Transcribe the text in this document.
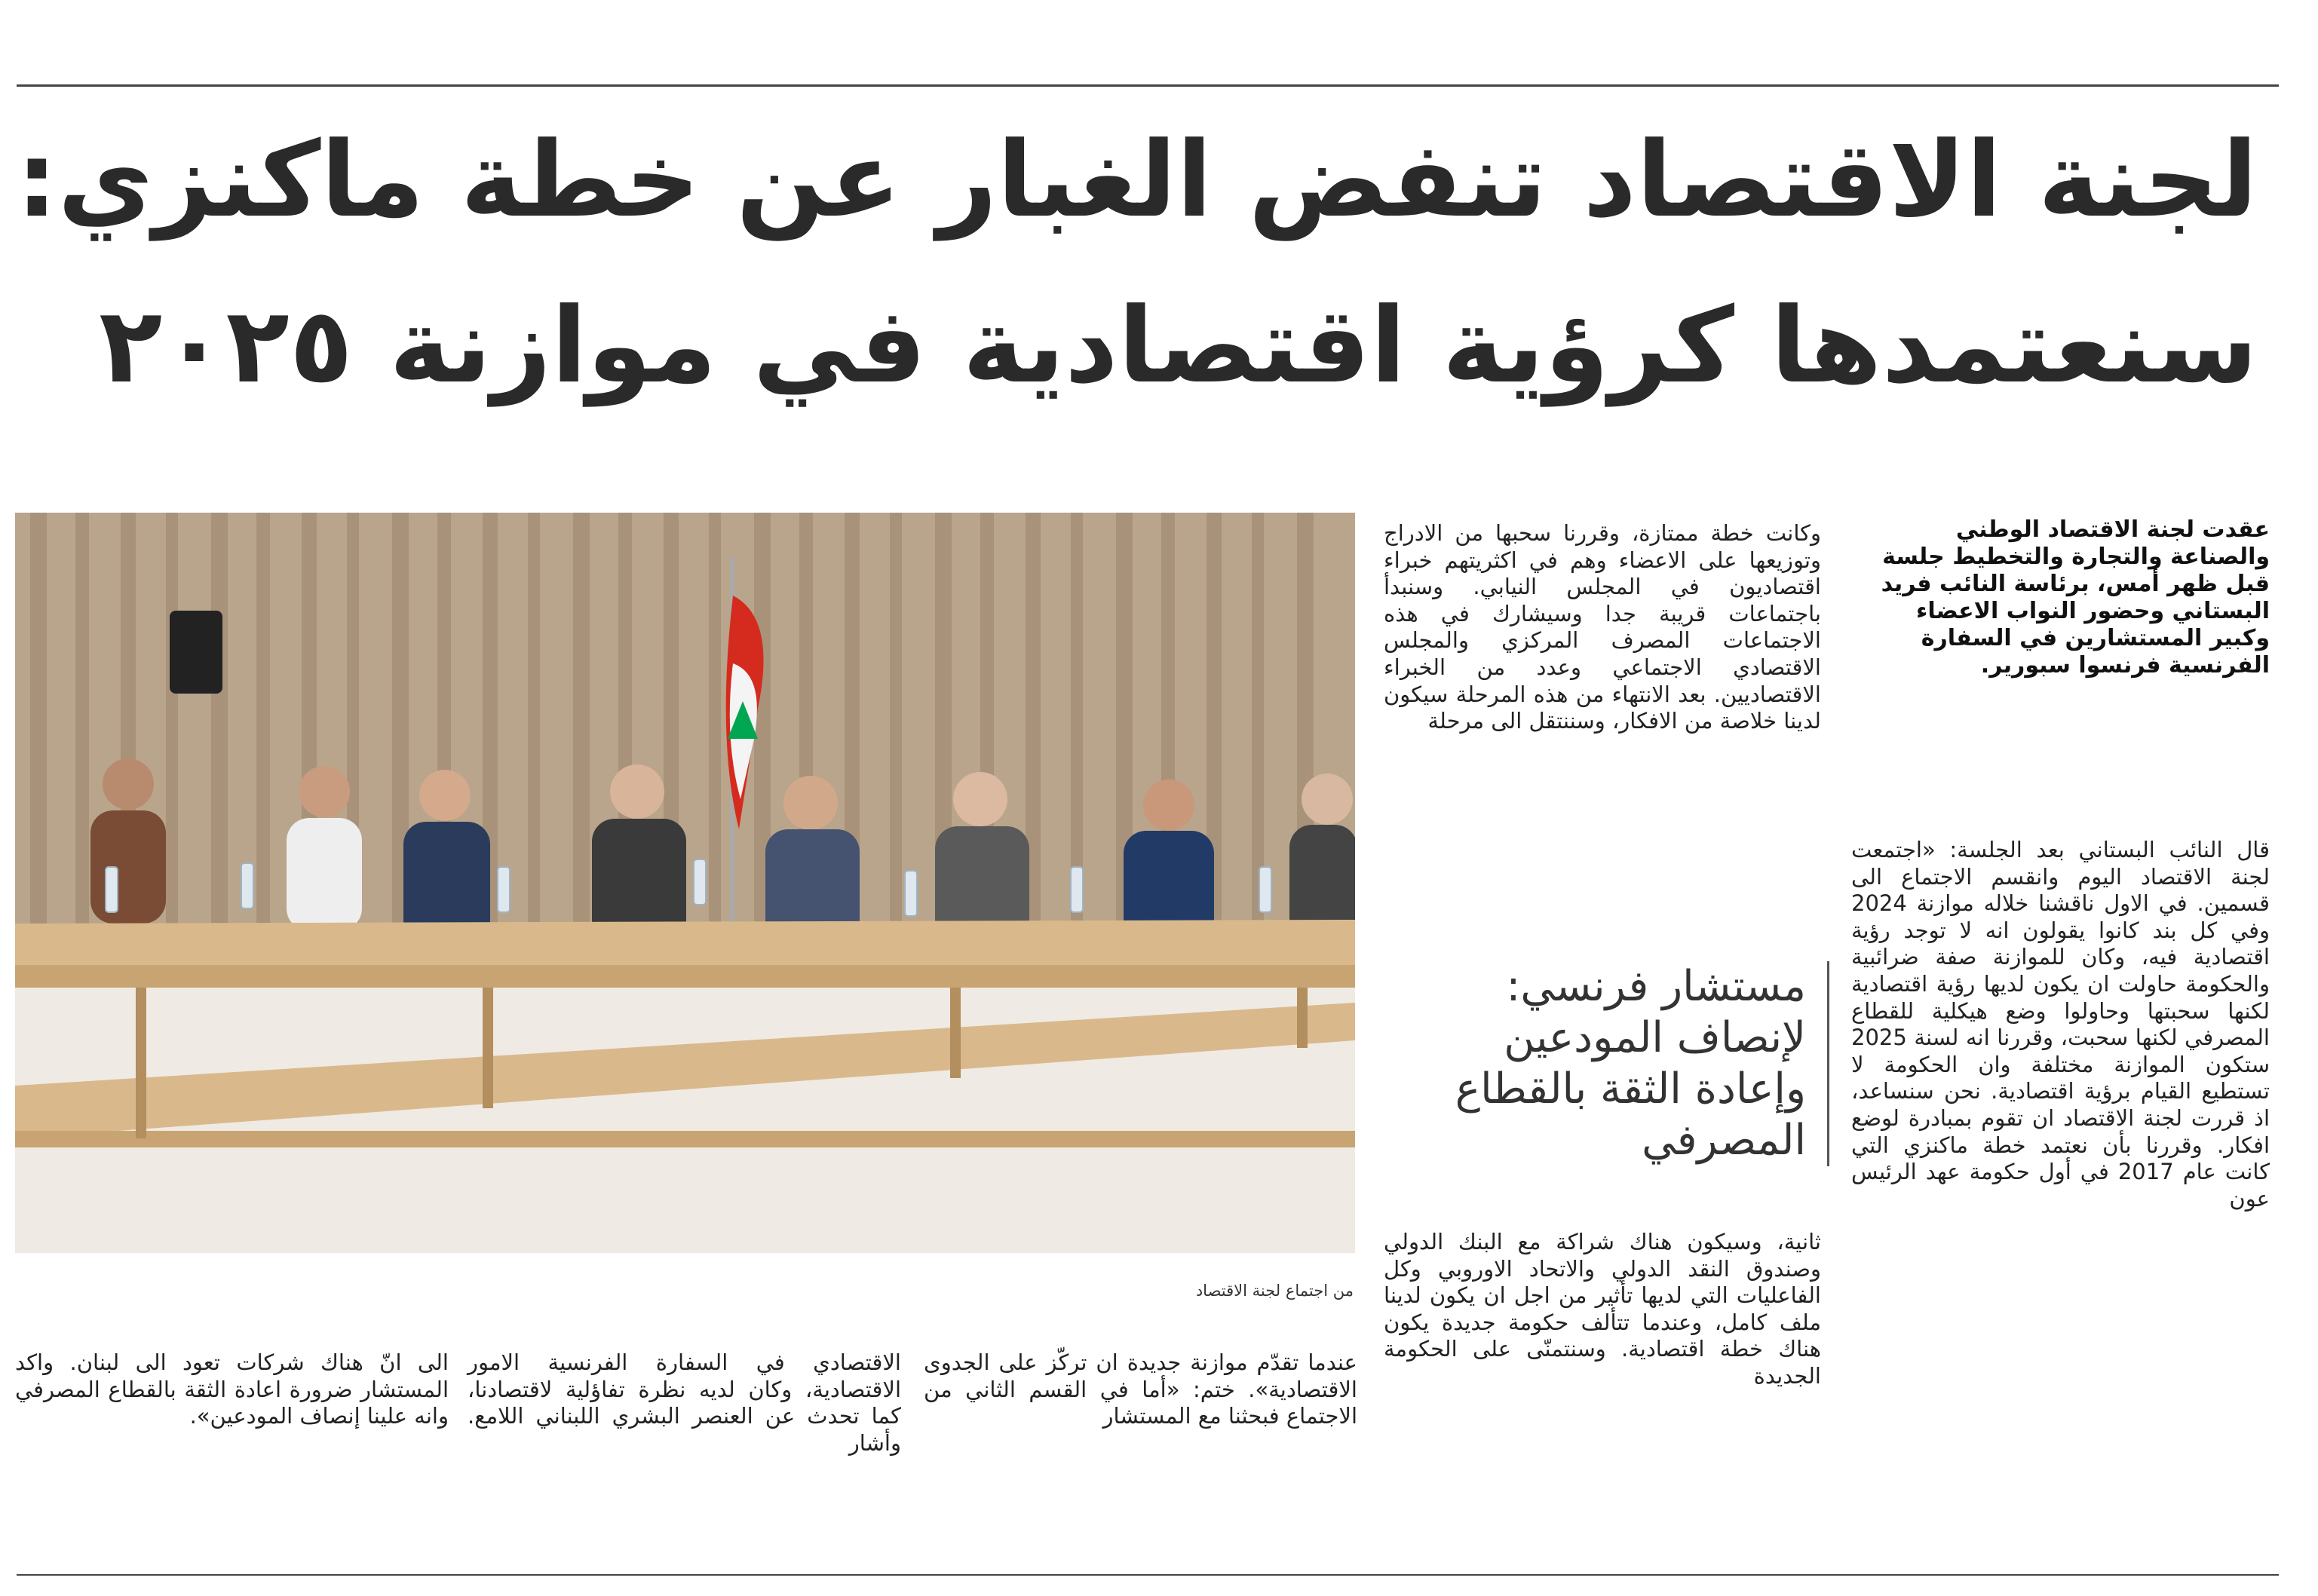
لجنة الاقتصاد تنفض الغبار عن خطة ماكنزي:
سنعتمدها كرؤية اقتصادية في موازنة ٢٠٢٥

عقدت لجنة الاقتصاد الوطني والصناعة والتجارة والتخطيط جلسة قبل ظهر أمس، برئاسة النائب فريد البستاني وحضور النواب الاعضاء وكبير المستشارين في السفارة الفرنسية فرنسوا سبورير.

قال النائب البستاني بعد الجلسة: «اجتمعت لجنة الاقتصاد اليوم وانقسم الاجتماع الى قسمين. في الاول ناقشنا خلاله موازنة 2024 وفي كل بند كانوا يقولون انه لا توجد رؤية اقتصادية فيه، وكان للموازنة صفة ضرائبية والحكومة حاولت ان يكون لديها رؤية اقتصادية لكنها سحبتها وحاولوا وضع هيكلية للقطاع المصرفي لكنها سحبت، وقررنا انه لسنة 2025 ستكون الموازنة مختلفة وان الحكومة لا تستطيع القيام برؤية اقتصادية. نحن سنساعد، اذ قررت لجنة الاقتصاد ان تقوم بمبادرة لوضع افكار. وقررنا بأن نعتمد خطة ماكنزي التي كانت عام 2017 في أول حكومة عهد الرئيس عون

وكانت خطة ممتازة، وقررنا سحبها من الادراج وتوزيعها على الاعضاء وهم في اكثريتهم خبراء اقتصاديون في المجلس النيابي. وسنبدأ باجتماعات قريبة جدا وسيشارك في هذه الاجتماعات المصرف المركزي والمجلس الاقتصادي الاجتماعي وعدد من الخبراء الاقتصاديين. بعد الانتهاء من هذه المرحلة سيكون لدينا خلاصة من الافكار، وسننتقل الى مرحلة

مستشار فرنسي:
لإنصاف المودعين
وإعادة الثقة بالقطاع
المصرفي

ثانية، وسيكون هناك شراكة مع البنك الدولي وصندوق النقد الدولي والاتحاد الاوروبي وكل الفاعليات التي لديها تأثير من اجل ان يكون لدينا ملف كامل، وعندما تتألف حكومة جديدة يكون هناك خطة اقتصادية. وسنتمنّى على الحكومة الجديدة

من اجتماع لجنة الاقتصاد

عندما تقدّم موازنة جديدة ان تركّز على الجدوى الاقتصادية». ختم: «أما في القسم الثاني من الاجتماع فبحثنا مع المستشار

الاقتصادي في السفارة الفرنسية الامور الاقتصادية، وكان لديه نظرة تفاؤلية لاقتصادنا، كما تحدث عن العنصر البشري اللبناني اللامع. وأشار

الى انّ هناك شركات تعود الى لبنان. واكد المستشار ضرورة اعادة الثقة بالقطاع المصرفي وانه علينا إنصاف المودعين».
